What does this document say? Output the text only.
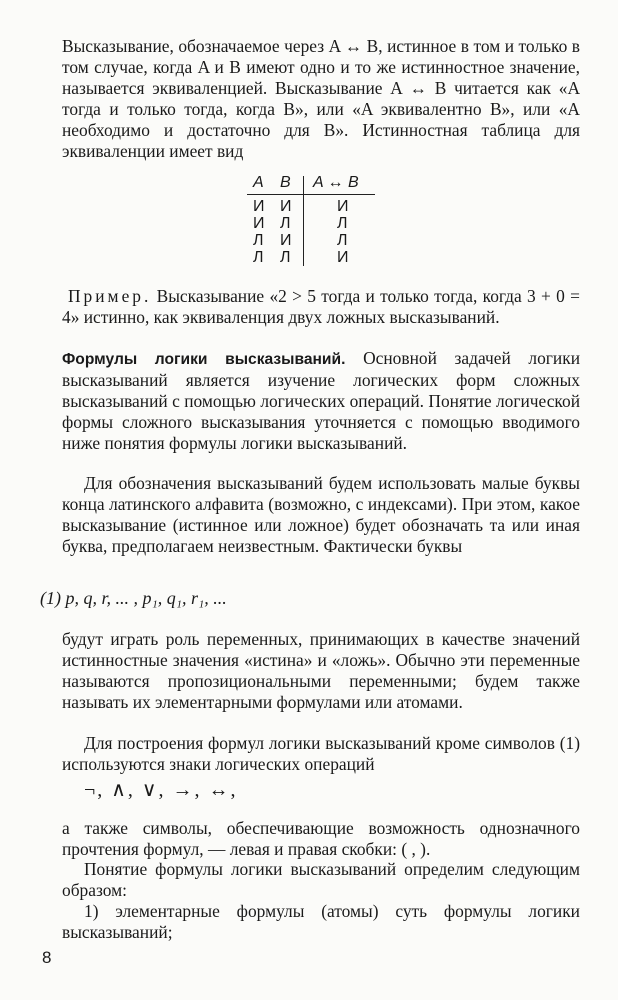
Высказывание, обозначаемое через A ↔ B, истинное в том и только в том случае, когда A и B имеют одно и то же истинностное значение, называется эквиваленцией. Высказывание A ↔ B читается как «A тогда и только тогда, когда B», или «A эквивалентно B», или «A необходимо и достаточно для B». Истинностная таблица для эквиваленции имеет вид

A B A ↔ B
И И	И
И Л	Л
Л И	Л
Л Л	И

Пример. Высказывание «2 > 5 тогда и только тогда, когда 3 + 0 = 4» истинно, как эквиваленция двух ложных высказываний.

Формулы логики высказываний. Основной задачей логики высказываний является изучение логических форм сложных высказываний с помощью логических операций. Понятие логической формы сложного высказывания уточняется с помощью вводимого ниже понятия формулы логики высказываний.

Для обозначения высказываний будем использовать малые буквы конца латинского алфавита (возможно, с индексами). При этом, какое высказывание (истинное или ложное) будет обозначать та или иная буква, предполагаем неизвестным. Фактически буквы

(1) p, q, r, ... , p₁, q₁, r₁, ...

будут играть роль переменных, принимающих в качестве значений истинностные значения «истина» и «ложь». Обычно эти переменные называются пропозициональными переменными; будем также называть их элементарными формулами или атомами.

Для построения формул логики высказываний кроме символов (1) используются знаки логических операций

¬, ∧, ∨, →, ↔,

а также символы, обеспечивающие возможность однозначного прочтения формул, — левая и правая скобки: ( , ).

Понятие формулы логики высказываний определим следующим образом:

1) элементарные формулы (атомы) суть формулы логики высказываний;

8
